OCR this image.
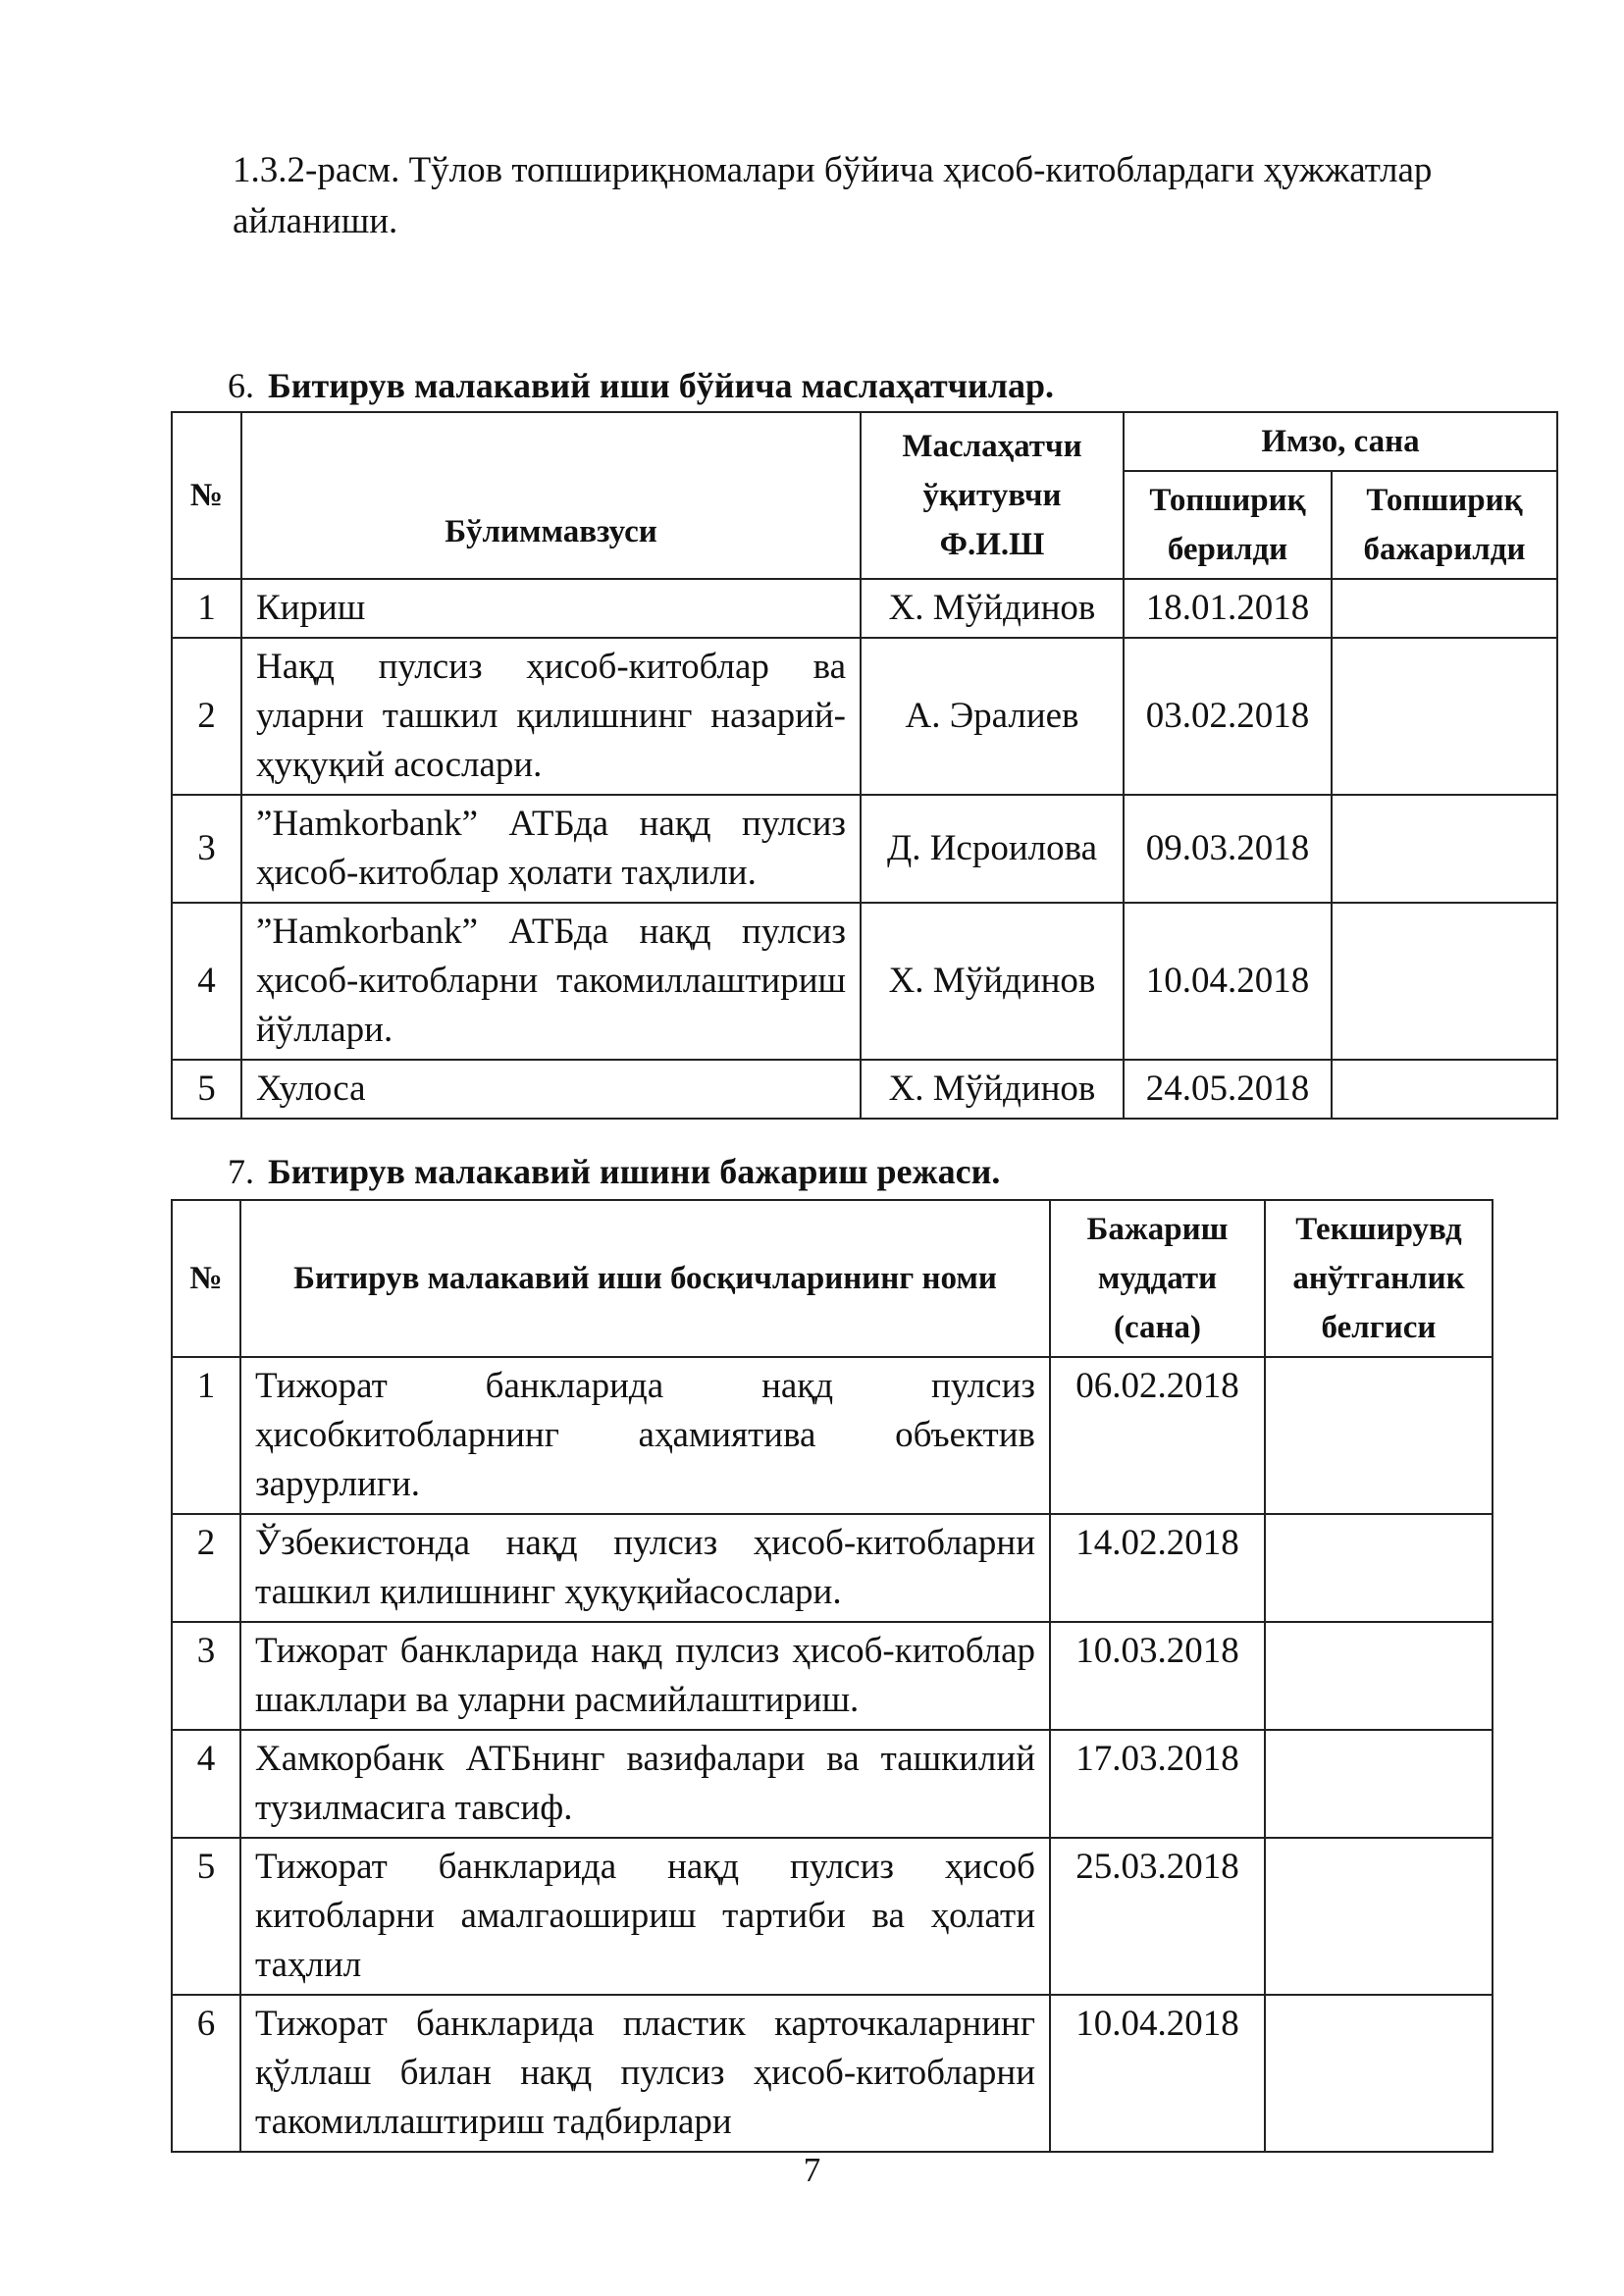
1.3.2-расм. Тўлов топшириқномалари бўйича ҳисоб-китоблардаги ҳужжатлар айланиши.

6. Битирув малакавий иши бўйича маслаҳатчилар.

№	Бўлиммавзуси	Маслаҳатчи ўқитувчи Ф.И.Ш	Имзо, сана	
			Топшириқ берилди	Топшириқ бажарилди
1	Кириш	Х. Мўйдинов	18.01.2018	
2	Нақд пулсиз ҳисоб-китоблар ва уларни ташкил қилишнинг назарий-ҳуқуқий асослари.	А. Эралиев	03.02.2018	
3	”Hamkorbank” АТБда нақд пулсиз ҳисоб-китоблар ҳолати таҳлили.	Д. Исроилова	09.03.2018	
4	”Hamkorbank” АТБда нақд пулсиз ҳисоб-китобларни такомиллаштириш йўллари.	Х. Мўйдинов	10.04.2018	
5	Хулоса	Х. Мўйдинов	24.05.2018	

7. Битирув малакавий ишини бажариш режаси.

№	Битирув малакавий иши босқичларининг номи	Бажариш муддати (сана)	Текширувд анўтганлик белгиси
1	Тижорат банкларида нақд пулсиз ҳисобкитобларнинг аҳамиятива объектив зарурлиги.	06.02.2018	
2	Ўзбекистонда нақд пулсиз ҳисоб-китобларни ташкил қилишнинг ҳуқуқийасослари.	14.02.2018	
3	Тижорат банкларида нақд пулсиз ҳисоб-китоблар шакллари ва уларни расмийлаштириш.	10.03.2018	
4	Хамкорбанк АТБнинг вазифалари ва ташкилий тузилмасига тавсиф.	17.03.2018	
5	Тижорат банкларида нақд пулсиз ҳисоб китобларни амалгаошириш тартиби ва ҳолати таҳлил	25.03.2018	
6	Тижорат банкларида пластик карточкаларнинг қўллаш билан нақд пулсиз ҳисоб-китобларни такомиллаштириш тадбирлари	10.04.2018	
7
